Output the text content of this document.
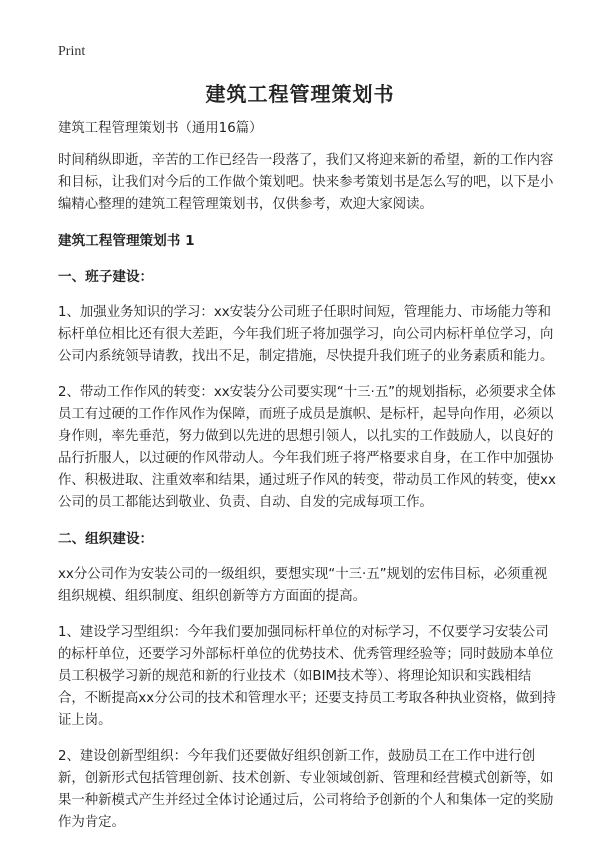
Print
建筑工程管理策划书

建筑工程管理策划书（通用16篇）

时间稍纵即逝，辛苦的工作已经告一段落了，我们又将迎来新的希望，新的工作内容和目标，让我们对今后的工作做个策划吧。快来参考策划书是怎么写的吧，以下是小编精心整理的建筑工程管理策划书，仅供参考，欢迎大家阅读。

建筑工程管理策划书 1
一、班子建设：

1、加强业务知识的学习：xx安装分公司班子任职时间短，管理能力、市场能力等和标杆单位相比还有很大差距，今年我们班子将加强学习，向公司内标杆单位学习，向公司内系统领导请教，找出不足，制定措施，尽快提升我们班子的业务素质和能力。

2、带动工作作风的转变：xx安装分公司要实现“十三·五”的规划指标，必须要求全体员工有过硬的工作作风作为保障，而班子成员是旗帜、是标杆，起导向作用，必须以身作则，率先垂范，努力做到以先进的思想引领人，以扎实的工作鼓励人，以良好的品行折服人，以过硬的作风带动人。今年我们班子将严格要求自身，在工作中加强协作、积极进取、注重效率和结果，通过班子作风的转变，带动员工作风的转变，使xx公司的员工都能达到敬业、负责、自动、自发的完成每项工作。

二、组织建设：

xx分公司作为安装公司的一级组织，要想实现“十三·五”规划的宏伟目标，必须重视组织规模、组织制度、组织创新等方方面面的提高。

1、建设学习型组织：今年我们要加强同标杆单位的对标学习，不仅要学习安装公司的标杆单位，还要学习外部标杆单位的优势技术、优秀管理经验等；同时鼓励本单位员工积极学习新的规范和新的行业技术（如BIM技术等）、将理论知识和实践相结合，不断提高xx分公司的技术和管理水平；还要支持员工考取各种执业资格，做到持证上岗。

2、建设创新型组织：今年我们还要做好组织创新工作，鼓励员工在工作中进行创新，创新形式包括管理创新、技术创新、专业领域创新、管理和经营模式创新等，如果一种新模式产生并经过全体讨论通过后，公司将给予创新的个人和集体一定的奖励作为肯定。
